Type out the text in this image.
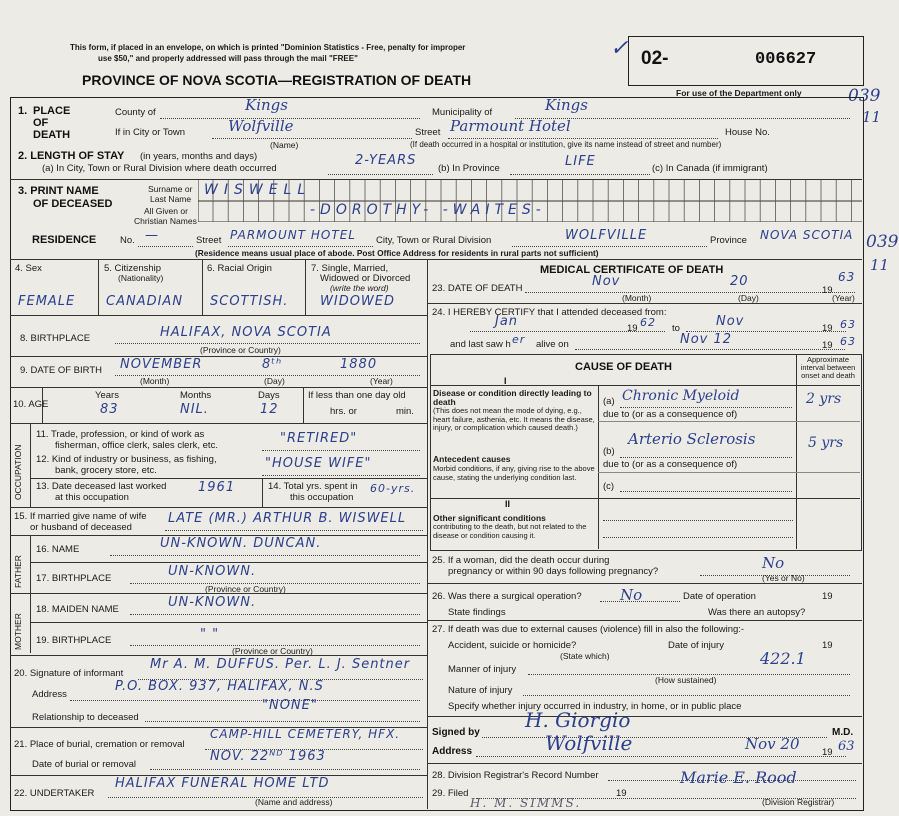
This form, if placed in an envelope, on which is printed "Dominion Statistics - Free, penalty for improper
use $50," and properly addressed will pass through the mail "FREE"
PROVINCE OF NOVA SCOTIA—REGISTRATION OF DEATH
02-	006627
For use of the Department only
✓
039
11
039
11
1. PLACE
OF
DEATH
County of	Kings	Municipality of	Kings
If in City or Town	Wolfville
(Name)
Street Parmount Hotel	House No.
(If death occurred in a hospital or institution, give its name instead of street and number)
2. LENGTH OF STAY (in years, months and days)
(a) In City, Town or Rural Division where death occurred
2-YEARS
(b) In Province	LIFE	(c) In Canada (if immigrant)
3. PRINT NAME
OF DECEASED
Surname or
Last Name
All Given or
Christian Names
WISWELL
-DOROTHY- -WAITES-
RESIDENCE	No. —	Street PARMOUNT HOTEL City, Town or Rural Division	WOLFVILLE	Province NOVA SCOTIA
(Residence means usual place of abode. Post Office Address for residents in rural parts not sufficient)
4. Sex	5. Citizenship
(Nationality)
6. Racial Origin	7. Single, Married,
Widowed or Divorced
(write the word)
FEMALE CANADIAN SCOTTISH. WIDOWED
8. BIRTHPLACE	HALIFAX, NOVA SCOTIA
(Province or Country)
9. DATE OF BIRTH NOVEMBER	8ᵗʰ	1880
(Month)	(Day)	(Year)
10. AGE
Years	Months	Days	If less than one day old
hrs. or	min.
83	NIL.	12
OCCUPATION
11. Trade, profession, or kind of work as
fisherman, office clerk, sales clerk, etc.	"RETIRED"
12. Kind of industry or business, as fishing,
bank, grocery store, etc.	"HOUSE WIFE"
13. Date deceased last worked
at this occupation
1961	14. Total yrs. spent in
this occupation
60-yrs.
15. If married give name of wife
or husband of deceased
LATE (MR.) ARTHUR B. WISWELL
FATHER
16. NAME	UN-KNOWN. DUNCAN.
17. BIRTHPLACE	UN-KNOWN.
(Province or Country)
MOTHER
18. MAIDEN NAME	UN-KNOWN.
19. BIRTHPLACE	" "
(Province or Country)
20. Signature of informant
Mr A. M. DUFFUS. Per. L. J. Sentner
Address
P.O. BOX. 937, HALIFAX, N.S
Relationship to deceased
"NONE"
21. Place of burial, cremation or removal
CAMP-HILL CEMETERY, HFX.
Date of burial or removal
NOV. 22ᴺᴰ 1963
22. UNDERTAKER
HALIFAX FUNERAL HOME LTD
(Name and address)
MEDICAL CERTIFICATE OF DEATH
23. DATE OF DEATH	Nov	20
19
63
(Month)	(Day)	(Year)
24. I HEREBY CERTIFY that I attended deceased from:
Jan	19 62 to	Nov	19 63
and last saw h er alive on	Nov 12	19 63
CAUSE OF DEATH
Approximate interval between onset and death
I
Disease or condition directly leading to death
(This does not mean the mode of dying, e.g., heart failure, asthenia, etc. It means the disease, injury, or complication which caused death.)
(a) Chronic Myeloid	2 yrs
due to (or as a consequence of)
Antecedent causes
Morbid conditions, if any, giving rise to the above cause, stating the underlying condition last.
(b)
Arterio Sclerosis	5 yrs
due to (or as a consequence of)
(c)
II
Other significant conditions
contributing to the death, but not related to the disease or condition causing it.
25. If a woman, did the death occur during
pregnancy or within 90 days following pregnancy?	No
(Yes or No)
26. Was there a surgical operation?	No	Date of operation	19
State findings	Was there an autopsy?
27. If death was due to external causes (violence) fill in also the following:-
Accident, suicide or homicide?	Date of injury	19
(State which)
Manner of injury
422.1
(How sustained)
Nature of injury
Specify whether injury occurred in industry, in home, or in public place
Signed by
H. Giorgio
M.D.
Address	Wolfville	Nov 20 19 63
28. Division Registrar's Record Number
29. Filed	19
Marie E. Rood
(Division Registrar)
H. M. SIMMS.
